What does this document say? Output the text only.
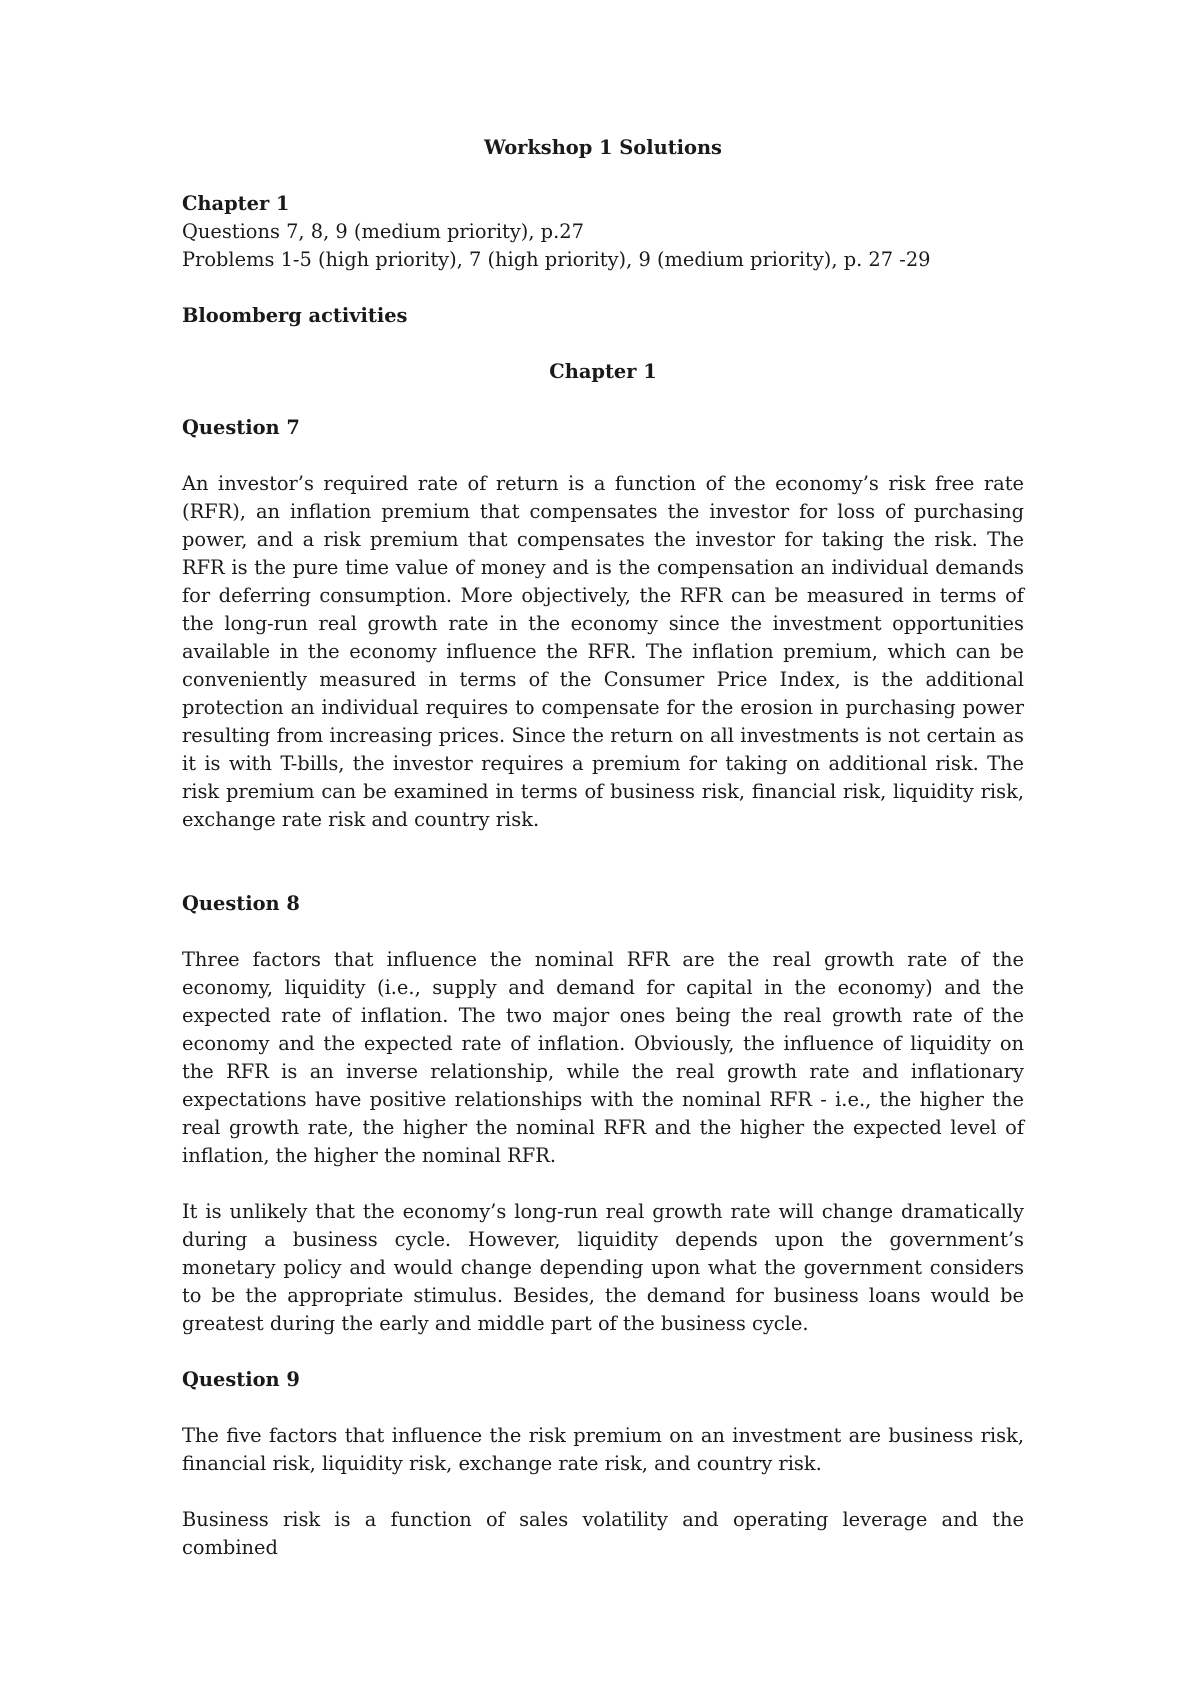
Workshop 1 Solutions

Chapter 1

Questions 7, 8, 9 (medium priority), p.27

Problems 1-5 (high priority), 7 (high priority), 9 (medium priority), p. 27 -29

Bloomberg activities

Chapter 1

Question 7

An investor’s required rate of return is a function of the economy’s risk free rate (RFR), an inflation premium that compensates the investor for loss of purchasing power, and a risk premium that compensates the investor for taking the risk. The RFR is the pure time value of money and is the compensation an individual demands for deferring consumption. More objectively, the RFR can be measured in terms of the long-run real growth rate in the economy since the investment opportunities available in the economy influence the RFR. The inflation premium, which can be conveniently measured in terms of the Consumer Price Index, is the additional protection an individual requires to compensate for the erosion in purchasing power resulting from increasing prices. Since the return on all investments is not certain as it is with T-bills, the investor requires a premium for taking on additional risk. The risk premium can be examined in terms of business risk, financial risk, liquidity risk, exchange rate risk and country risk.

Question 8

Three factors that influence the nominal RFR are the real growth rate of the economy, liquidity (i.e., supply and demand for capital in the economy) and the expected rate of inflation. The two major ones being the real growth rate of the economy and the expected rate of inflation. Obviously, the influence of liquidity on the RFR is an inverse relationship, while the real growth rate and inflationary expectations have positive relationships with the nominal RFR - i.e., the higher the real growth rate, the higher the nominal RFR and the higher the expected level of inflation, the higher the nominal RFR.

It is unlikely that the economy’s long-run real growth rate will change dramatically during a business cycle. However, liquidity depends upon the government’s monetary policy and would change depending upon what the government considers to be the appropriate stimulus. Besides, the demand for business loans would be greatest during the early and middle part of the business cycle.

Question 9

The five factors that influence the risk premium on an investment are business risk, financial risk, liquidity risk, exchange rate risk, and country risk.

Business risk is a function of sales volatility and operating leverage and the combined
